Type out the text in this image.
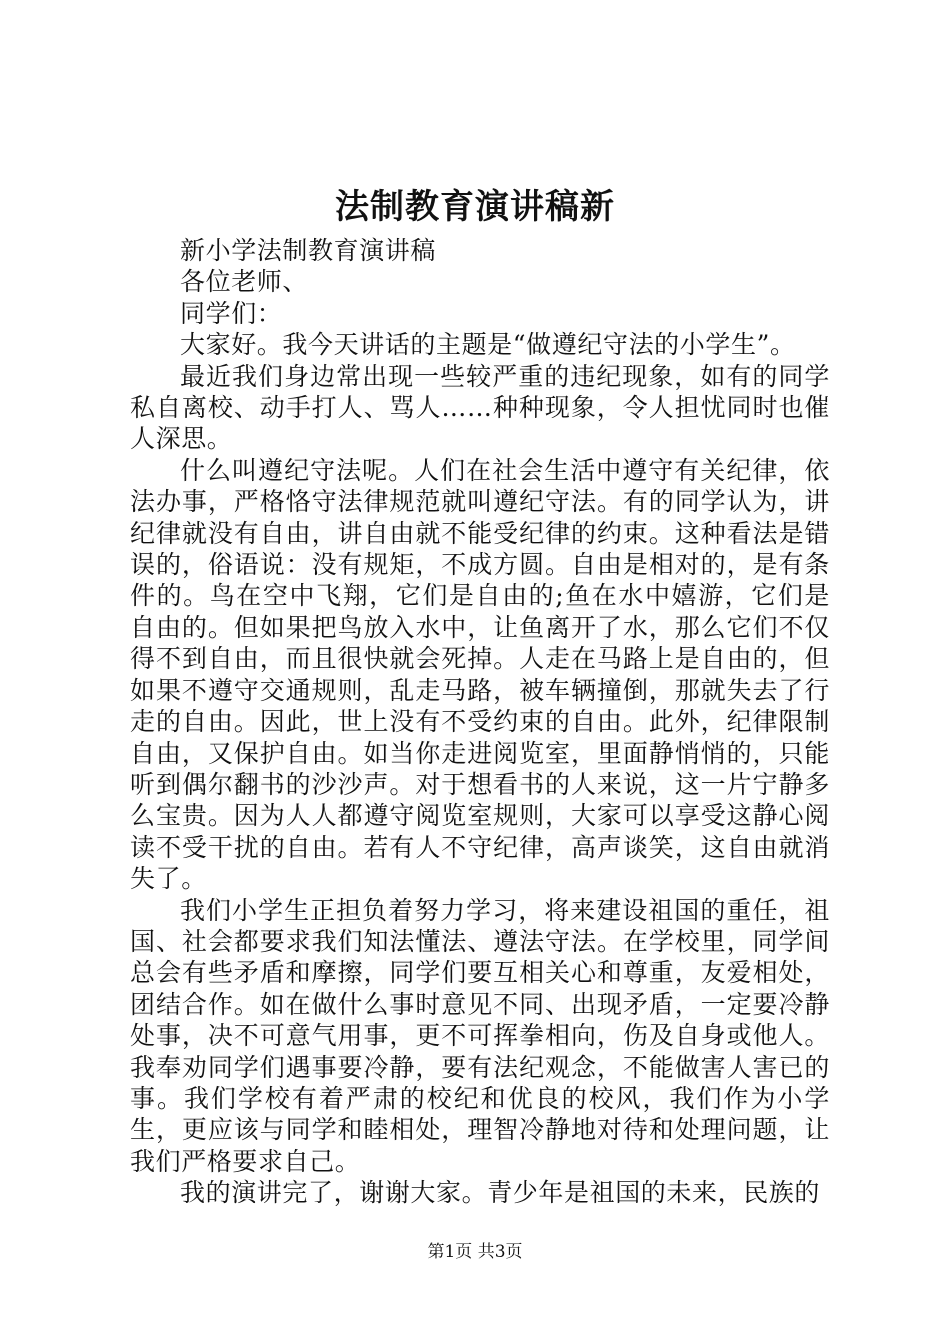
法制教育演讲稿新

新小学法制教育演讲稿

各位老师、

同学们：

大家好。我今天讲话的主题是“做遵纪守法的小学生”。

最近我们身边常出现一些较严重的违纪现象，如有的同学私自离校、动手打人、骂人……种种现象，令人担忧同时也催人深思。

什么叫遵纪守法呢。人们在社会生活中遵守有关纪律，依法办事，严格恪守法律规范就叫遵纪守法。有的同学认为，讲纪律就没有自由，讲自由就不能受纪律的约束。这种看法是错误的，俗语说：没有规矩，不成方圆。自由是相对的，是有条件的。鸟在空中飞翔，它们是自由的;鱼在水中嬉游，它们是自由的。但如果把鸟放入水中，让鱼离开了水，那么它们不仅得不到自由，而且很快就会死掉。人走在马路上是自由的，但如果不遵守交通规则，乱走马路，被车辆撞倒，那就失去了行走的自由。因此，世上没有不受约束的自由。此外，纪律限制自由，又保护自由。如当你走进阅览室，里面静悄悄的，只能听到偶尔翻书的沙沙声。对于想看书的人来说，这一片宁静多么宝贵。因为人人都遵守阅览室规则，大家可以享受这静心阅读不受干扰的自由。若有人不守纪律，高声谈笑，这自由就消失了。

我们小学生正担负着努力学习，将来建设祖国的重任，祖国、社会都要求我们知法懂法、遵法守法。在学校里，同学间总会有些矛盾和摩擦，同学们要互相关心和尊重，友爱相处，团结合作。如在做什么事时意见不同、出现矛盾，一定要冷静处事，决不可意气用事，更不可挥拳相向，伤及自身或他人。我奉劝同学们遇事要冷静，要有法纪观念，不能做害人害已的事。我们学校有着严肃的校纪和优良的校风，我们作为小学生，更应该与同学和睦相处，理智冷静地对待和处理问题，让我们严格要求自己。

我的演讲完了，谢谢大家。青少年是祖国的未来，民族的

第1页 共3页
